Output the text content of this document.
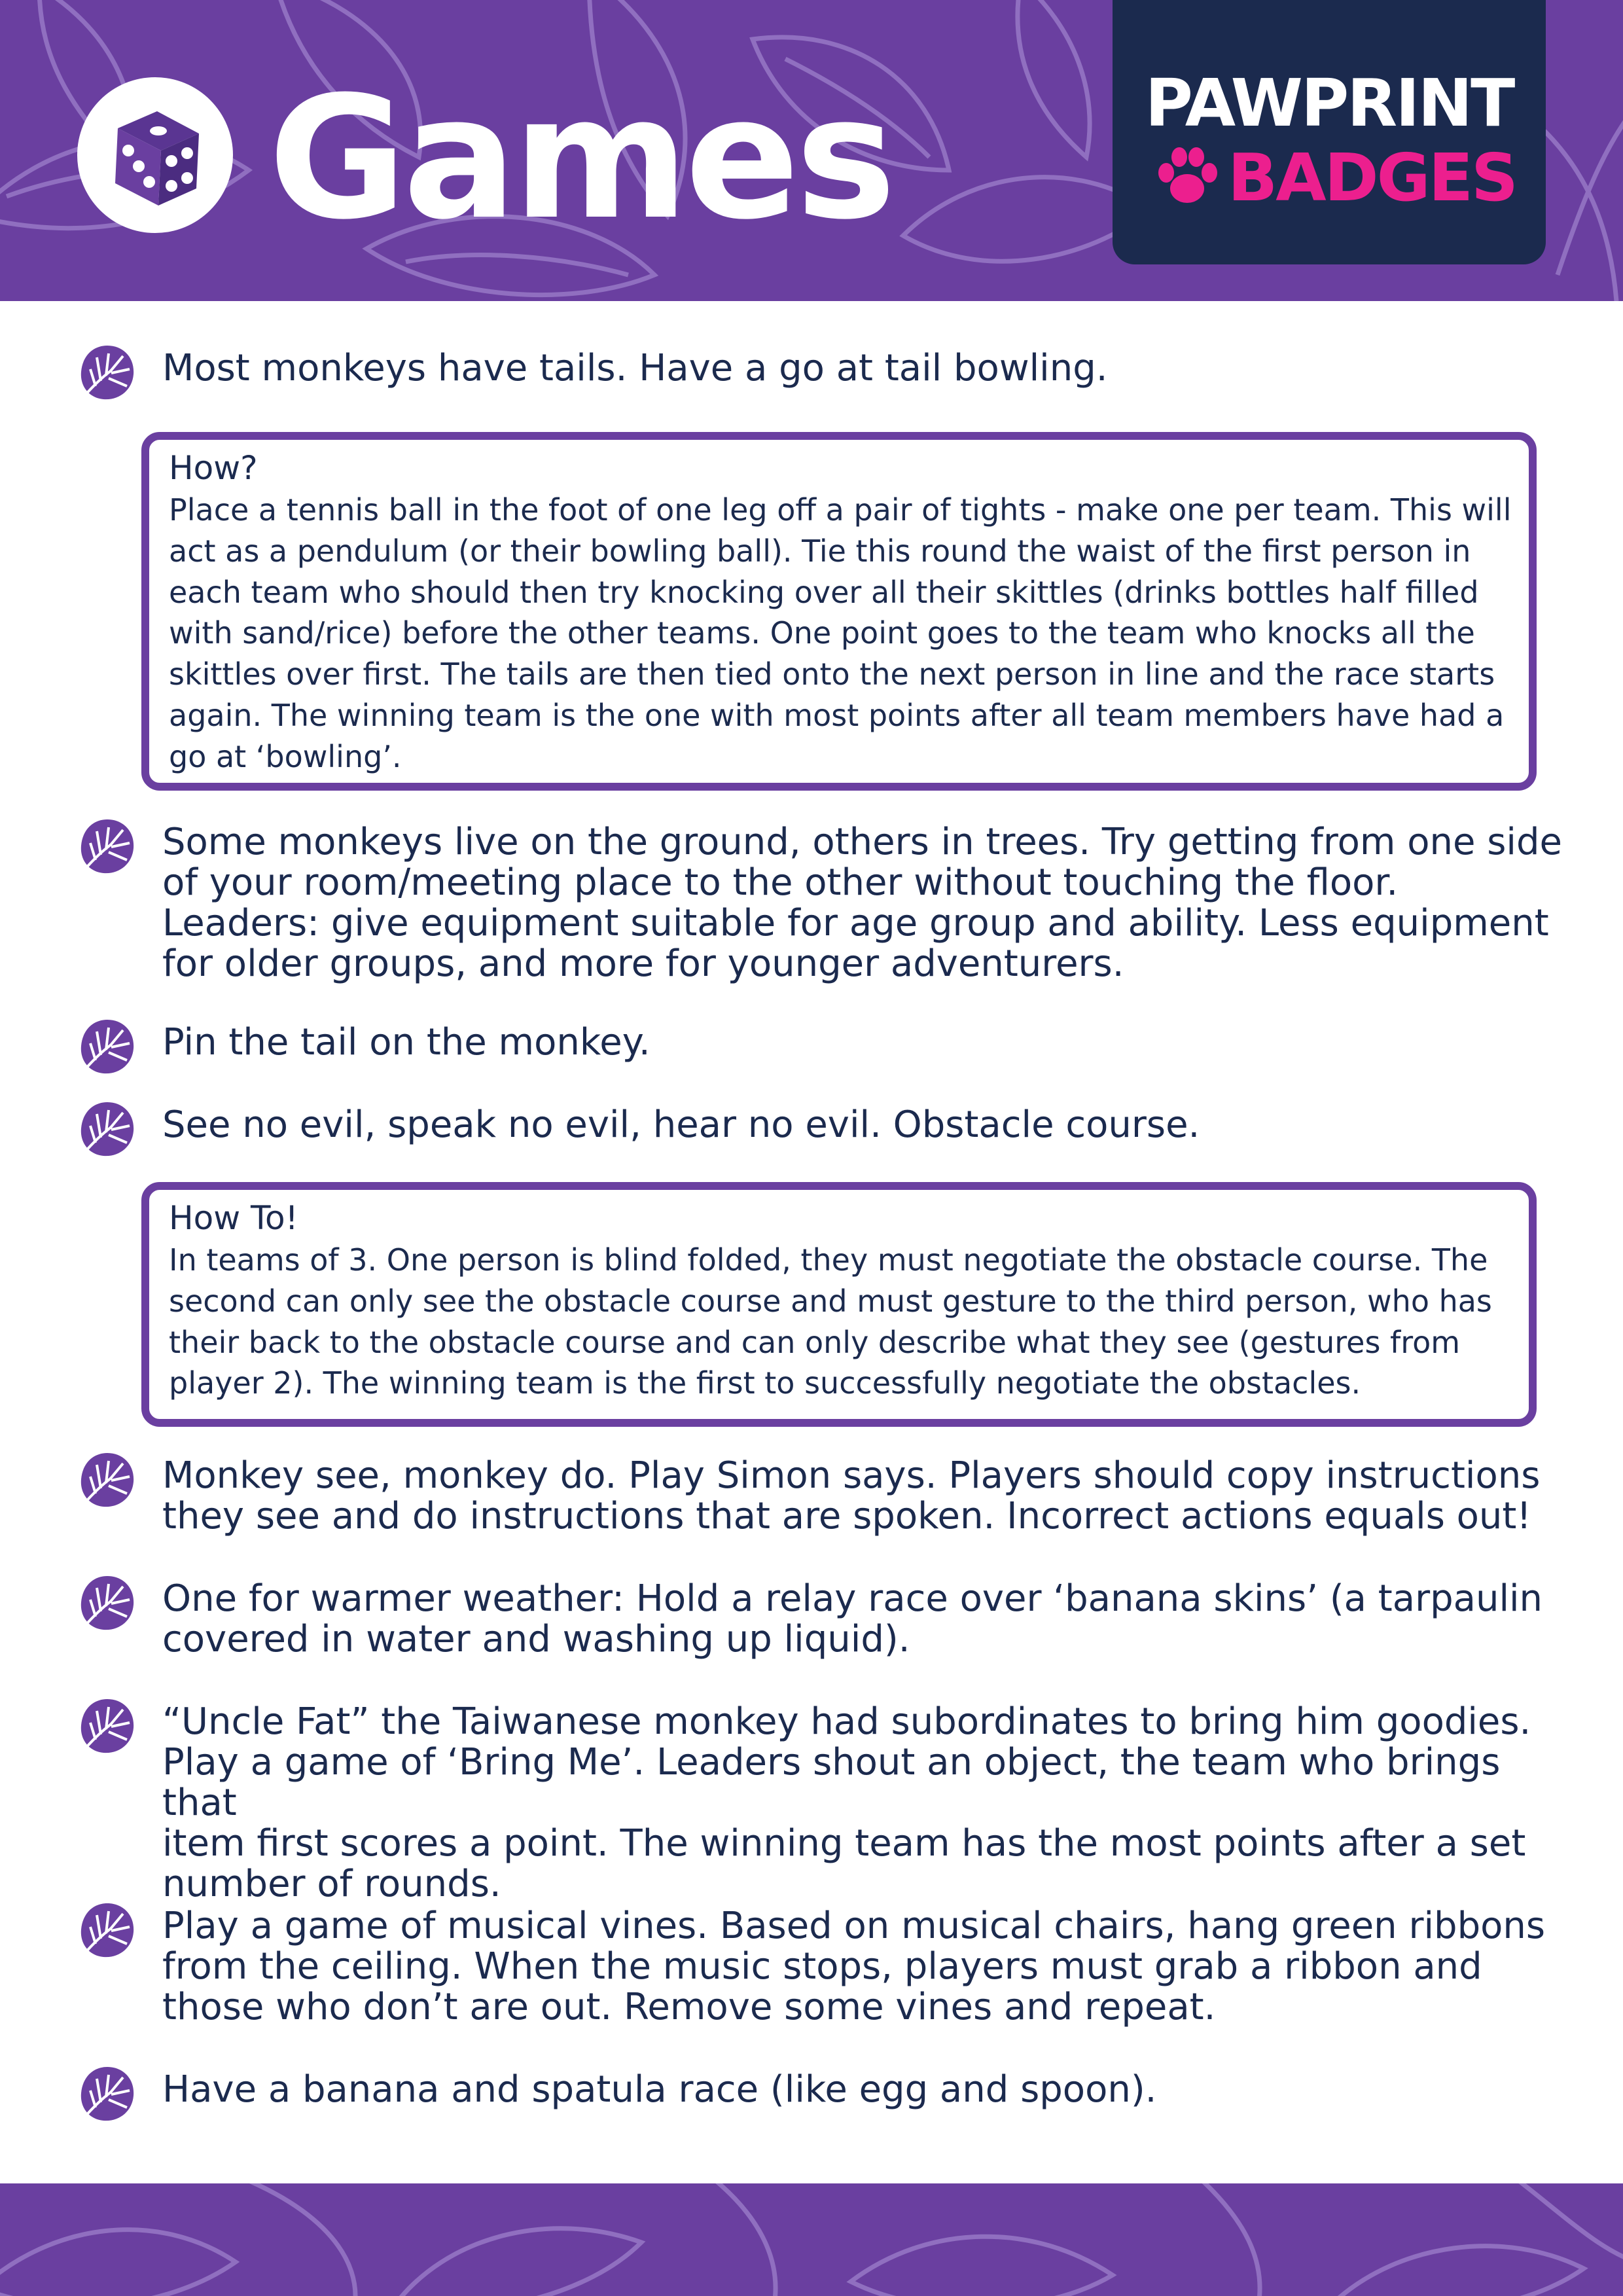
Games	PAWPRINT
BADGES
Most monkeys have tails. Have a go at tail bowling.
How?
Place a tennis ball in the foot of one leg off a pair of tights - make one per team. This will
act as a pendulum (or their bowling ball). Tie this round the waist of the first person in
each team who should then try knocking over all their skittles (drinks bottles half filled
with sand/rice) before the other teams. One point goes to the team who knocks all the
skittles over first. The tails are then tied onto the next person in line and the race starts
again. The winning team is the one with most points after all team members have had a
go at ‘bowling’.
Some monkeys live on the ground, others in trees. Try getting from one side
of your room/meeting place to the other without touching the floor.
Leaders: give equipment suitable for age group and ability. Less equipment
for older groups, and more for younger adventurers.
Pin the tail on the monkey.
See no evil, speak no evil, hear no evil. Obstacle course.
How To!
In teams of 3. One person is blind folded, they must negotiate the obstacle course. The
second can only see the obstacle course and must gesture to the third person, who has
their back to the obstacle course and can only describe what they see (gestures from
player 2). The winning team is the first to successfully negotiate the obstacles.
Monkey see, monkey do. Play Simon says. Players should copy instructions
they see and do instructions that are spoken. Incorrect actions equals out!
One for warmer weather: Hold a relay race over ‘banana skins’ (a tarpaulin
covered in water and washing up liquid).
“Uncle Fat” the Taiwanese monkey had subordinates to bring him goodies.
Play a game of ‘Bring Me’. Leaders shout an object, the team who brings that
item first scores a point. The winning team has the most points after a set
number of rounds.
Play a game of musical vines. Based on musical chairs, hang green ribbons
from the ceiling. When the music stops, players must grab a ribbon and
those who don’t are out. Remove some vines and repeat.
Have a banana and spatula race (like egg and spoon).
